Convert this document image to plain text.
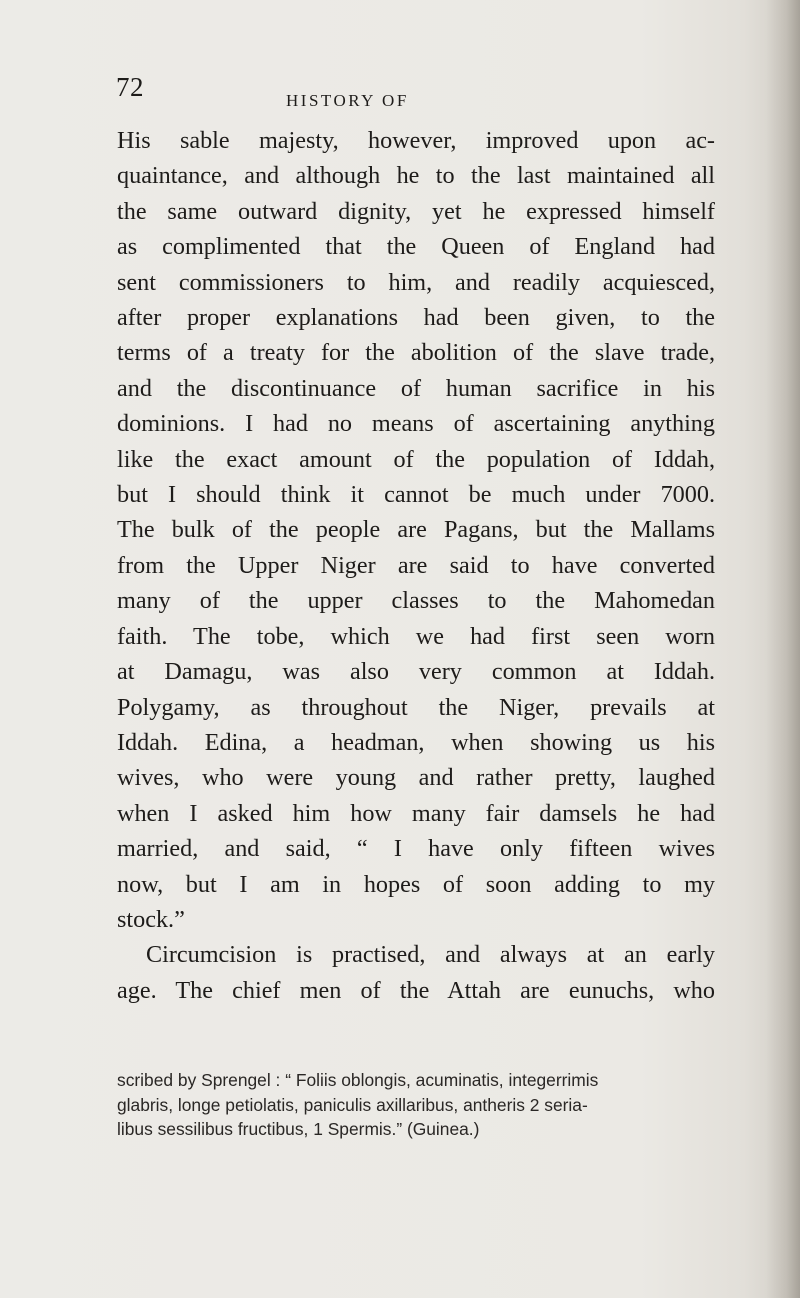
72	HISTORY OF
His sable majesty, however, improved upon ac-
quaintance, and although he to the last maintained all
the same outward dignity, yet he expressed himself
as complimented that the Queen of England had
sent commissioners to him, and readily acquiesced,
after proper explanations had been given, to the
terms of a treaty for the abolition of the slave trade,
and the discontinuance of human sacrifice in his
dominions. I had no means of ascertaining anything
like the exact amount of the population of Iddah,
but I should think it cannot be much under 7000.
The bulk of the people are Pagans, but the Mallams
from the Upper Niger are said to have converted
many of the upper classes to the Mahomedan
faith. The tobe, which we had first seen worn
at Damagu, was also very common at Iddah.
Polygamy, as throughout the Niger, prevails at
Iddah. Edina, a headman, when showing us his
wives, who were young and rather pretty, laughed
when I asked him how many fair damsels he had
married, and said, “ I have only fifteen wives
now, but I am in hopes of soon adding to my
stock.”
Circumcision is practised, and always at an early
age. The chief men of the Attah are eunuchs, who
scribed by Sprengel : “ Foliis oblongis, acuminatis, integerrimis
glabris, longe petiolatis, paniculis axillaribus, antheris 2 seria-
libus sessilibus fructibus, 1 Spermis.” (Guinea.)
